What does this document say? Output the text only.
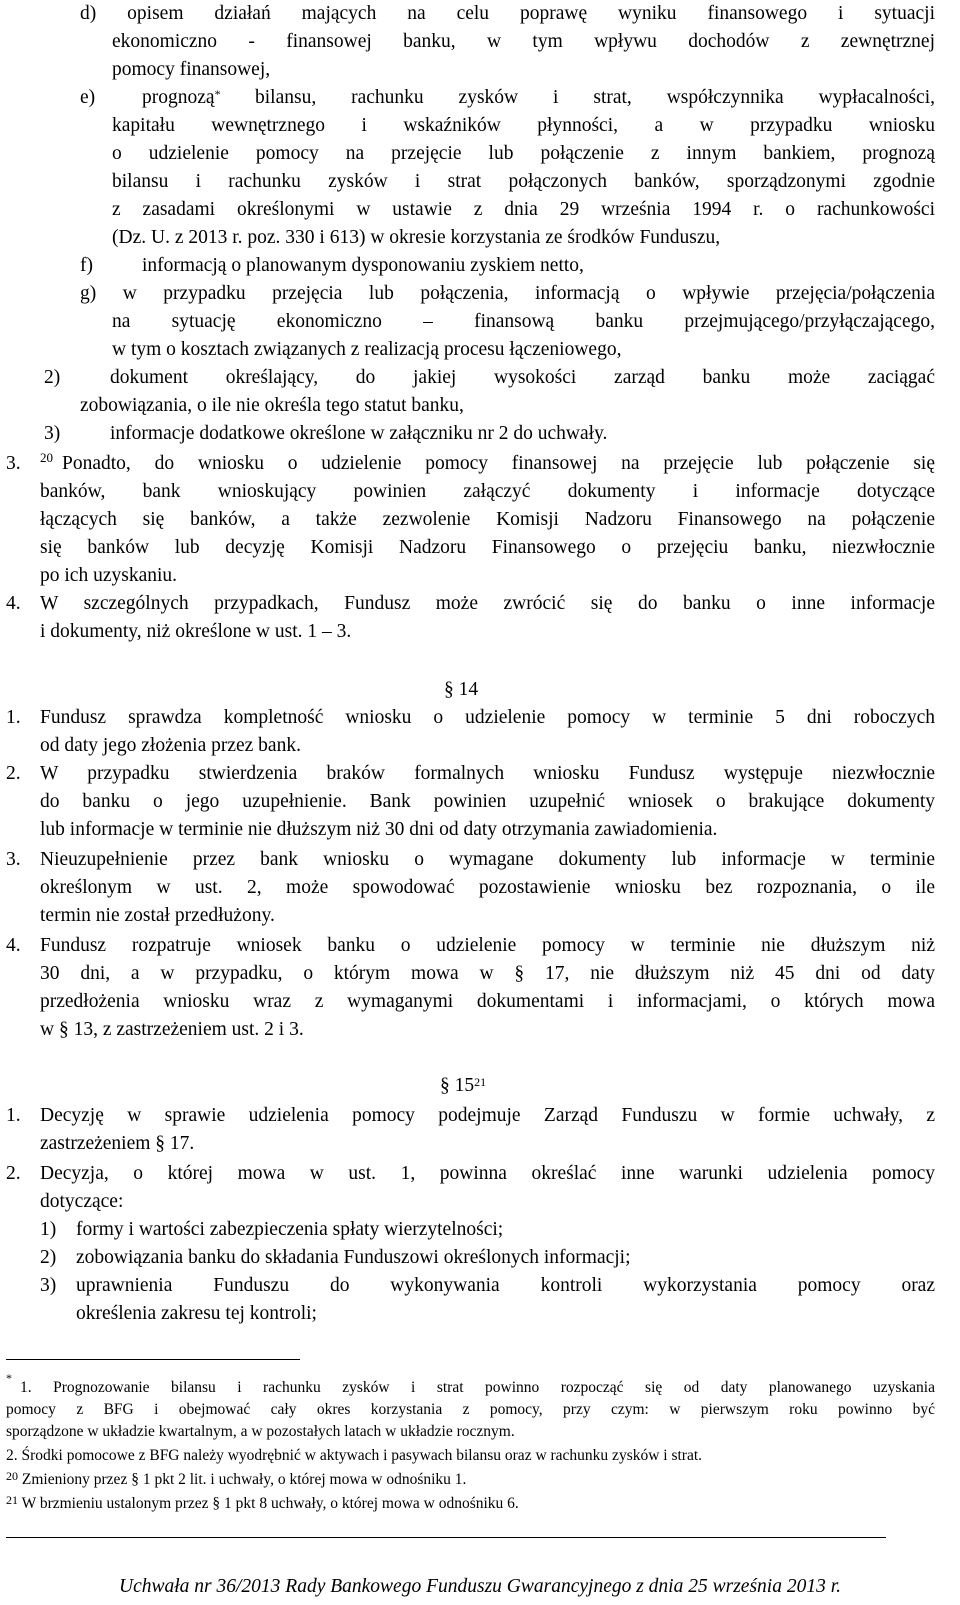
d) opisem działań mających na celu poprawę wyniku finansowego i sytuacji
ekonomiczno - finansowej banku, w tym wpływu dochodów z zewnętrznej
pomocy finansowej,
e) prognozą* bilansu, rachunku zysków i strat, współczynnika wypłacalności,
kapitału wewnętrznego i wskaźników płynności, a w przypadku wniosku
o udzielenie pomocy na przejęcie lub połączenie z innym bankiem, prognozą
bilansu i rachunku zysków i strat połączonych banków, sporządzonymi zgodnie
z zasadami określonymi w ustawie z dnia 29 września 1994 r. o rachunkowości
(Dz. U. z 2013 r. poz. 330 i 613) w okresie korzystania ze środków Funduszu,
f)	informacją o planowanym dysponowaniu zyskiem netto,
g) w przypadku przejęcia lub połączenia, informacją o wpływie przejęcia/połączenia
na sytuację ekonomiczno – finansową banku przejmującego/przyłączającego,
w tym o kosztach związanych z realizacją procesu łączeniowego,
2)	dokument określający, do jakiej wysokości zarząd banku może zaciągać
zobowiązania, o ile nie określa tego statut banku,
3)	informacje dodatkowe określone w załączniku nr 2 do uchwały.
3. $^{20}$ Ponadto, do wniosku o udzielenie pomocy finansowej na przejęcie lub połączenie się
banków, bank wnioskujący powinien załączyć dokumenty i informacje dotyczące
łączących się banków, a także zezwolenie Komisji Nadzoru Finansowego na połączenie
się banków lub decyzję Komisji Nadzoru Finansowego o przejęciu banku, niezwłocznie
po ich uzyskaniu.
4. W szczególnych przypadkach, Fundusz może zwrócić się do banku o inne informacje
i dokumenty, niż określone w ust. 1 – 3.
§ 14
1. Fundusz sprawdza kompletność wniosku o udzielenie pomocy w terminie 5 dni roboczych
od daty jego złożenia przez bank.
2. W przypadku stwierdzenia braków formalnych wniosku Fundusz występuje niezwłocznie
do banku o jego uzupełnienie. Bank powinien uzupełnić wniosek o brakujące dokumenty
lub informacje w terminie nie dłuższym niż 30 dni od daty otrzymania zawiadomienia.
3. Nieuzupełnienie przez bank wniosku o wymagane dokumenty lub informacje w terminie
określonym w ust. 2, może spowodować pozostawienie wniosku bez rozpoznania, o ile
termin nie został przedłużony.
4. Fundusz rozpatruje wniosek banku o udzielenie pomocy w terminie nie dłuższym niż
30 dni, a w przypadku, o którym mowa w § 17, nie dłuższym niż 45 dni od daty
przedłożenia wniosku wraz z wymaganymi dokumentami i informacjami, o których mowa
w § 13, z zastrzeżeniem ust. 2 i 3.
§ $15^{21}$
1. Decyzję w sprawie udzielenia pomocy podejmuje Zarząd Funduszu w formie uchwały, z
zastrzeżeniem § 17.
2. Decyzja, o której mowa w ust. 1, powinna określać inne warunki udzielenia pomocy
dotyczące:
1) formy i wartości zabezpieczenia spłaty wierzytelności;
2) zobowiązania banku do składania Funduszowi określonych informacji;
3) uprawnienia Funduszu do wykonywania kontroli wykorzystania pomocy oraz
określenia zakresu tej kontroli;
*
1. Prognozowanie bilansu i rachunku zysków i strat powinno rozpocząć się od daty planowanego uzyskania
pomocy z BFG i obejmować cały okres korzystania z pomocy, przy czym: w pierwszym roku powinno być
sporządzone w układzie kwartalnym, a w pozostałych latach w układzie rocznym.
2. Środki pomocowe z BFG należy wyodrębnić w aktywach i pasywach bilansu oraz w rachunku zysków i strat.
$^{20}$ Zmieniony przez § 1 pkt 2 lit. i uchwały, o której mowa w odnośniku 1.
$^{21}$ W brzmieniu ustalonym przez § 1 pkt 8 uchwały, o której mowa w odnośniku 6.
Uchwała nr 36/2013 Rady Bankowego Funduszu Gwarancyjnego z dnia 25 września 2013 r.
